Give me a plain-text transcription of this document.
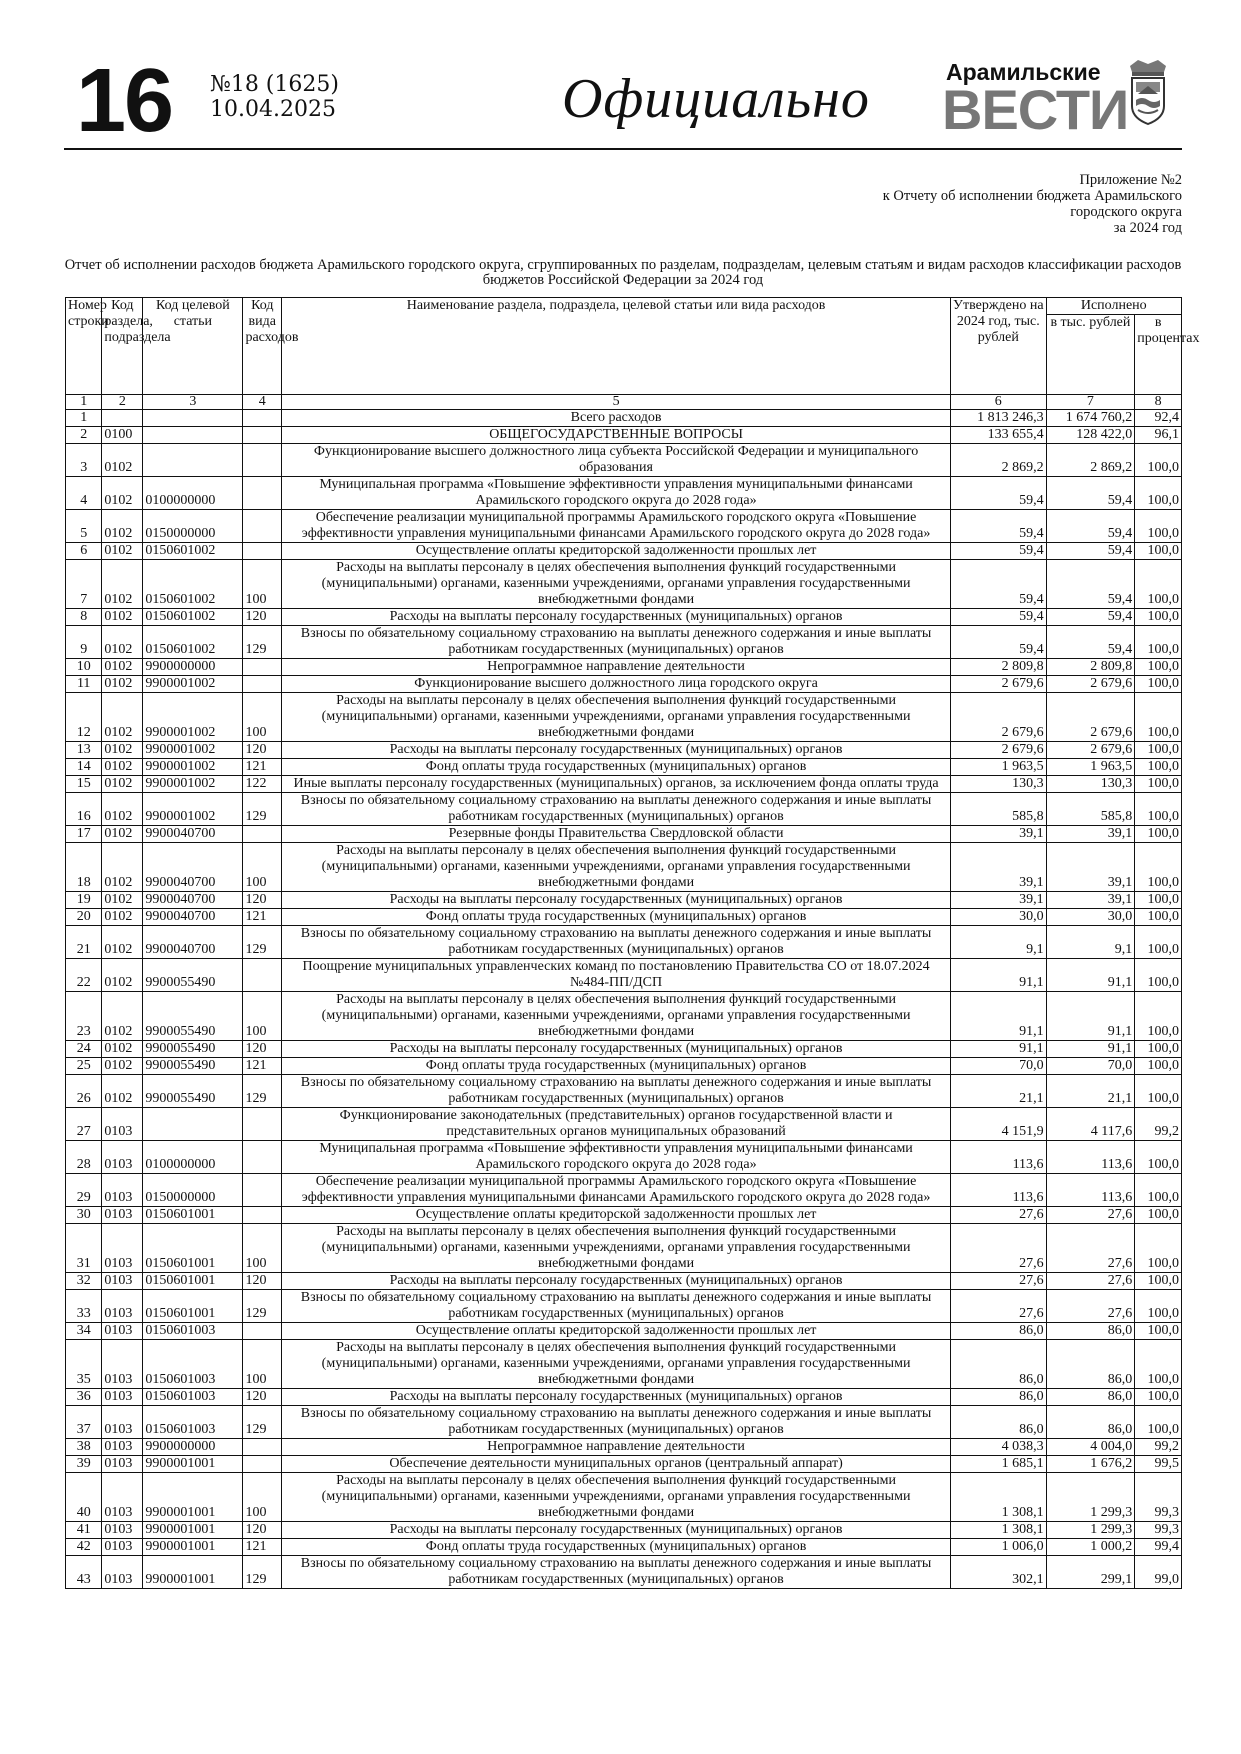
16 №18 (1625)
10.04.2025	Официально	Арамильские
ВЕСТИ
Приложение №2
к Отчету об исполнении бюджета Арамильского
городского округа
за 2024 год
Отчет об исполнении расходов бюджета Арамильского городского округа, сгруппированных по разделам, подразделам, целевым статьям и видам расходов классификации расходов бюджетов Российской Федерации за 2024 год
Номер строки	Код раздела, подраздела	Код целевой статьи	Код вида расходов	Наименование раздела, подраздела, целевой статьи или вида расходов	Утверждено на 2024 год, тыс. рублей	Исполнено	
						в тыс. рублей	в процентах
1	2	3	4	5	6	7	8
1				Всего расходов	1 813 246,3	1 674 760,2	92,4
2	0100			ОБЩЕГОСУДАРСТВЕННЫЕ ВОПРОСЫ	133 655,4	128 422,0	96,1
3	0102			Функционирование высшего должностного лица субъекта Российской Федерации и муниципального образования	2 869,2	2 869,2	100,0
4	0102	0100000000		Муниципальная программа «Повышение эффективности управления муниципальными финансами Арамильского городского округа до 2028 года»	59,4	59,4	100,0
5	0102	0150000000		Обеспечение реализации муниципальной программы Арамильского городского округа «Повышение эффективности управления муниципальными финансами Арамильского городского округа до 2028 года»	59,4	59,4	100,0
6	0102	0150601002		Осуществление оплаты кредиторской задолженности прошлых лет	59,4	59,4	100,0
7	0102	0150601002	100	Расходы на выплаты персоналу в целях обеспечения выполнения функций государственными (муниципальными) органами, казенными учреждениями, органами управления государственными внебюджетными фондами	59,4	59,4	100,0
8	0102	0150601002	120	Расходы на выплаты персоналу государственных (муниципальных) органов	59,4	59,4	100,0
9	0102	0150601002	129	Взносы по обязательному социальному страхованию на выплаты денежного содержания и иные выплаты работникам государственных (муниципальных) органов	59,4	59,4	100,0
10	0102	9900000000		Непрограммное направление деятельности	2 809,8	2 809,8	100,0
11	0102	9900001002		Функционирование высшего должностного лица городского округа	2 679,6	2 679,6	100,0
12	0102	9900001002	100	Расходы на выплаты персоналу в целях обеспечения выполнения функций государственными (муниципальными) органами, казенными учреждениями, органами управления государственными внебюджетными фондами	2 679,6	2 679,6	100,0
13	0102	9900001002	120	Расходы на выплаты персоналу государственных (муниципальных) органов	2 679,6	2 679,6	100,0
14	0102	9900001002	121	Фонд оплаты труда государственных (муниципальных) органов	1 963,5	1 963,5	100,0
15	0102	9900001002	122	Иные выплаты персоналу государственных (муниципальных) органов, за исключением фонда оплаты труда	130,3	130,3	100,0
16	0102	9900001002	129	Взносы по обязательному социальному страхованию на выплаты денежного содержания и иные выплаты работникам государственных (муниципальных) органов	585,8	585,8	100,0
17	0102	9900040700		Резервные фонды Правительства Свердловской области	39,1	39,1	100,0
18	0102	9900040700	100	Расходы на выплаты персоналу в целях обеспечения выполнения функций государственными (муниципальными) органами, казенными учреждениями, органами управления государственными внебюджетными фондами	39,1	39,1	100,0
19	0102	9900040700	120	Расходы на выплаты персоналу государственных (муниципальных) органов	39,1	39,1	100,0
20	0102	9900040700	121	Фонд оплаты труда государственных (муниципальных) органов	30,0	30,0	100,0
21	0102	9900040700	129	Взносы по обязательному социальному страхованию на выплаты денежного содержания и иные выплаты работникам государственных (муниципальных) органов	9,1	9,1	100,0
22	0102	9900055490		Поощрение муниципальных управленческих команд по постановлению Правительства СО от 18.07.2024 №484-ПП/ДСП	91,1	91,1	100,0
23	0102	9900055490	100	Расходы на выплаты персоналу в целях обеспечения выполнения функций государственными (муниципальными) органами, казенными учреждениями, органами управления государственными внебюджетными фондами	91,1	91,1	100,0
24	0102	9900055490	120	Расходы на выплаты персоналу государственных (муниципальных) органов	91,1	91,1	100,0
25	0102	9900055490	121	Фонд оплаты труда государственных (муниципальных) органов	70,0	70,0	100,0
26	0102	9900055490	129	Взносы по обязательному социальному страхованию на выплаты денежного содержания и иные выплаты работникам государственных (муниципальных) органов	21,1	21,1	100,0
27	0103			Функционирование законодательных (представительных) органов государственной власти и представительных органов муниципальных образований	4 151,9	4 117,6	99,2
28	0103	0100000000		Муниципальная программа «Повышение эффективности управления муниципальными финансами Арамильского городского округа до 2028 года»	113,6	113,6	100,0
29	0103	0150000000		Обеспечение реализации муниципальной программы Арамильского городского округа «Повышение эффективности управления муниципальными финансами Арамильского городского округа до 2028 года»	113,6	113,6	100,0
30	0103	0150601001		Осуществление оплаты кредиторской задолженности прошлых лет	27,6	27,6	100,0
31	0103	0150601001	100	Расходы на выплаты персоналу в целях обеспечения выполнения функций государственными (муниципальными) органами, казенными учреждениями, органами управления государственными внебюджетными фондами	27,6	27,6	100,0
32	0103	0150601001	120	Расходы на выплаты персоналу государственных (муниципальных) органов	27,6	27,6	100,0
33	0103	0150601001	129	Взносы по обязательному социальному страхованию на выплаты денежного содержания и иные выплаты работникам государственных (муниципальных) органов	27,6	27,6	100,0
34	0103	0150601003		Осуществление оплаты кредиторской задолженности прошлых лет	86,0	86,0	100,0
35	0103	0150601003	100	Расходы на выплаты персоналу в целях обеспечения выполнения функций государственными (муниципальными) органами, казенными учреждениями, органами управления государственными внебюджетными фондами	86,0	86,0	100,0
36	0103	0150601003	120	Расходы на выплаты персоналу государственных (муниципальных) органов	86,0	86,0	100,0
37	0103	0150601003	129	Взносы по обязательному социальному страхованию на выплаты денежного содержания и иные выплаты работникам государственных (муниципальных) органов	86,0	86,0	100,0
38	0103	9900000000		Непрограммное направление деятельности	4 038,3	4 004,0	99,2
39	0103	9900001001		Обеспечение деятельности муниципальных органов (центральный аппарат)	1 685,1	1 676,2	99,5
40	0103	9900001001	100	Расходы на выплаты персоналу в целях обеспечения выполнения функций государственными (муниципальными) органами, казенными учреждениями, органами управления государственными внебюджетными фондами	1 308,1	1 299,3	99,3
41	0103	9900001001	120	Расходы на выплаты персоналу государственных (муниципальных) органов	1 308,1	1 299,3	99,3
42	0103	9900001001	121	Фонд оплаты труда государственных (муниципальных) органов	1 006,0	1 000,2	99,4
43	0103	9900001001	129	Взносы по обязательному социальному страхованию на выплаты денежного содержания и иные выплаты работникам государственных (муниципальных) органов	302,1	299,1	99,0
